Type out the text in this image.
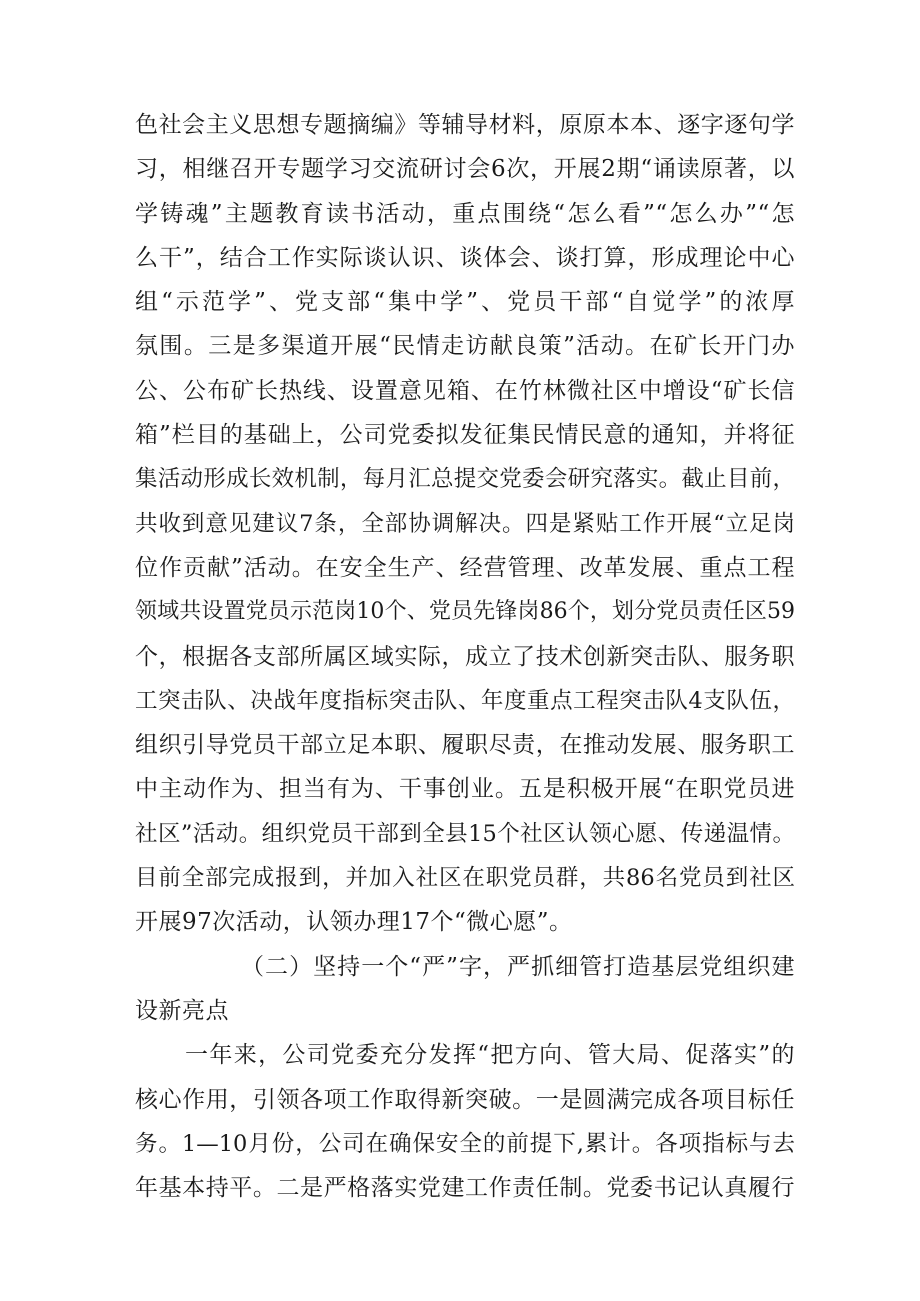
色社会主义思想专题摘编》等辅导材料，原原本本、逐字逐句学
习，相继召开专题学习交流研讨会6次，开展2期“诵读原著，以
学铸魂”主题教育读书活动，重点围绕“怎么看”“怎么办”“怎
么干”，结合工作实际谈认识、谈体会、谈打算，形成理论中心
组“示范学”、党支部“集中学”、党员干部“自觉学”的浓厚
氛围。三是多渠道开展“民情走访献良策”活动。在矿长开门办
公、公布矿长热线、设置意见箱、在竹林微社区中增设“矿长信
箱”栏目的基础上，公司党委拟发征集民情民意的通知，并将征
集活动形成长效机制，每月汇总提交党委会研究落实。截止目前，
共收到意见建议7条，全部协调解决。四是紧贴工作开展“立足岗
位作贡献”活动。在安全生产、经营管理、改革发展、重点工程
领域共设置党员示范岗10个、党员先锋岗86个，划分党员责任区59
个，根据各支部所属区域实际，成立了技术创新突击队、服务职
工突击队、决战年度指标突击队、年度重点工程突击队4支队伍，
组织引导党员干部立足本职、履职尽责，在推动发展、服务职工
中主动作为、担当有为、干事创业。五是积极开展“在职党员进
社区”活动。组织党员干部到全县15个社区认领心愿、传递温情。
目前全部完成报到，并加入社区在职党员群，共86名党员到社区
开展97次活动，认领办理17个“微心愿”。
（二）坚持一个“严”字，严抓细管打造基层党组织建
设新亮点
一年来，公司党委充分发挥“把方向、管大局、促落实”的
核心作用，引领各项工作取得新突破。一是圆满完成各项目标任
务。1—10月份，公司在确保安全的前提下,累计。各项指标与去
年基本持平。二是严格落实党建工作责任制。党委书记认真履行
